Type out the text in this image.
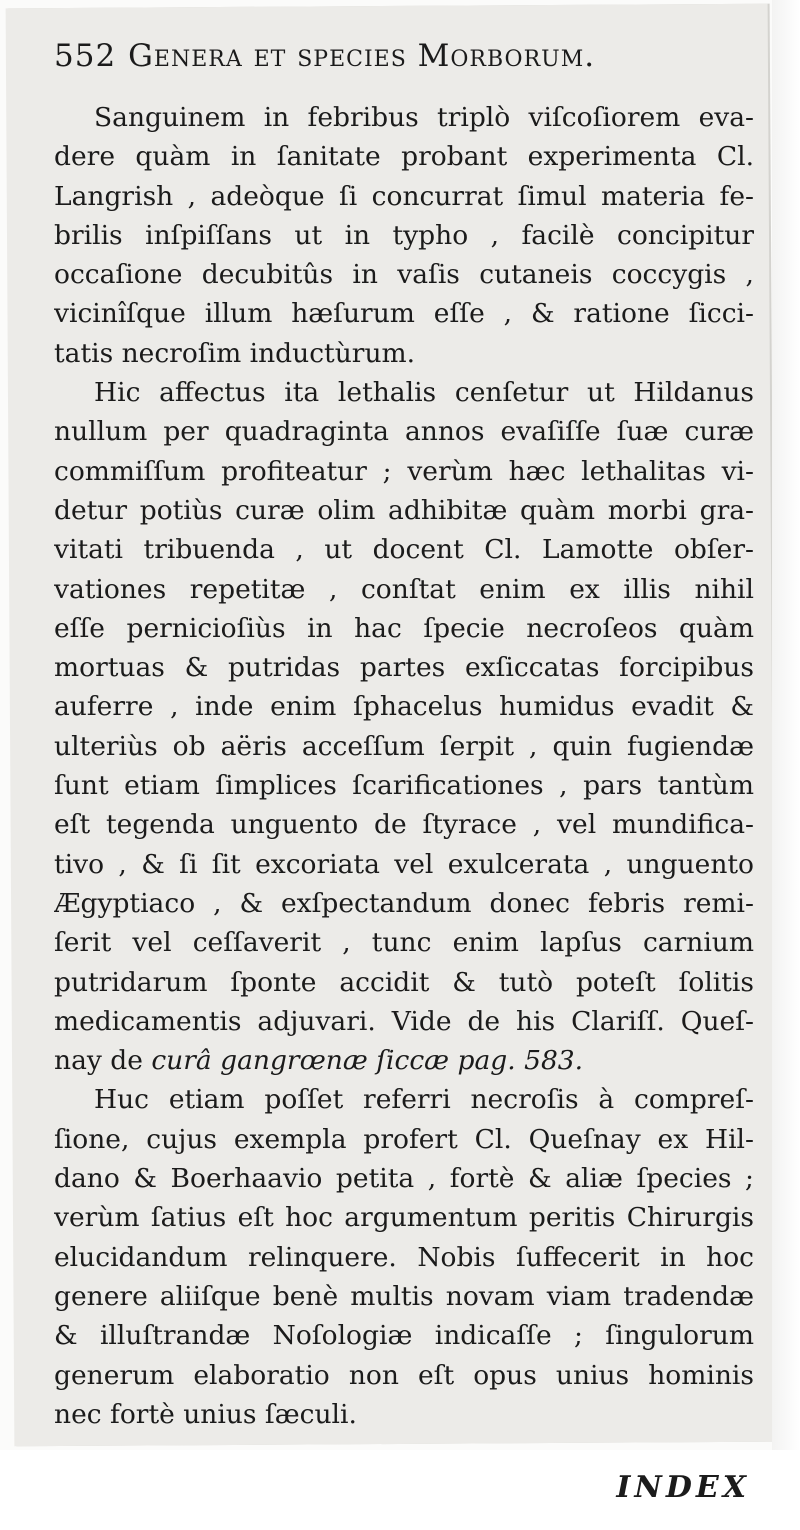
552 Genera et species Morborum.
Sanguinem in febribus triplò viſcoſiorem eva-
dere quàm in ſanitate probant experimenta Cl.
Langrish , adeòque ſi concurrat ſimul materia fe-
brilis inſpiſſans ut in typho , facilè concipitur
occaſione decubitûs in vaſis cutaneis coccygis ,
vicinîſque illum hæſurum eſſe , & ratione ſicci-
tatis necroſim inductùrum.
Hic affectus ita lethalis cenſetur ut Hildanus
nullum per quadraginta annos evaſiſſe ſuæ curæ
commiſſum profiteatur ; verùm hæc lethalitas vi-
detur potiùs curæ olim adhibitæ quàm morbi gra-
vitati tribuenda , ut docent Cl. Lamotte obſer-
vationes repetitæ , conſtat enim ex illis nihil
eſſe pernicioſiùs in hac ſpecie necroſeos quàm
mortuas & putridas partes exſiccatas forcipibus
auferre , inde enim ſphacelus humidus evadit &
ulteriùs ob aëris acceſſum ſerpit , quin fugiendæ
ſunt etiam ſimplices ſcarificationes , pars tantùm
eſt tegenda unguento de ſtyrace , vel mundifica-
tivo , & ſi ſit excoriata vel exulcerata , unguento
Ægyptiaco , & exſpectandum donec febris remi-
ſerit vel ceſſaverit , tunc enim lapſus carnium
putridarum ſponte accidit & tutò poteſt ſolitis
medicamentis adjuvari. Vide de his Clariſſ. Queſ-
nay de curâ gangrœnæ ſiccæ pag. 583.
Huc etiam poſſet referri necroſis à compreſ-
ſione, cujus exempla profert Cl. Queſnay ex Hil-
dano & Boerhaavio petita , fortè & aliæ ſpecies ;
verùm ſatius eſt hoc argumentum peritis Chirurgis
elucidandum relinquere. Nobis ſuffecerit in hoc
genere aliiſque benè multis novam viam tradendæ
& illuſtrandæ Noſologiæ indicaſſe ; ſingulorum
generum elaboratio non eſt opus unius hominis
nec fortè unius ſæculi.
INDEX
